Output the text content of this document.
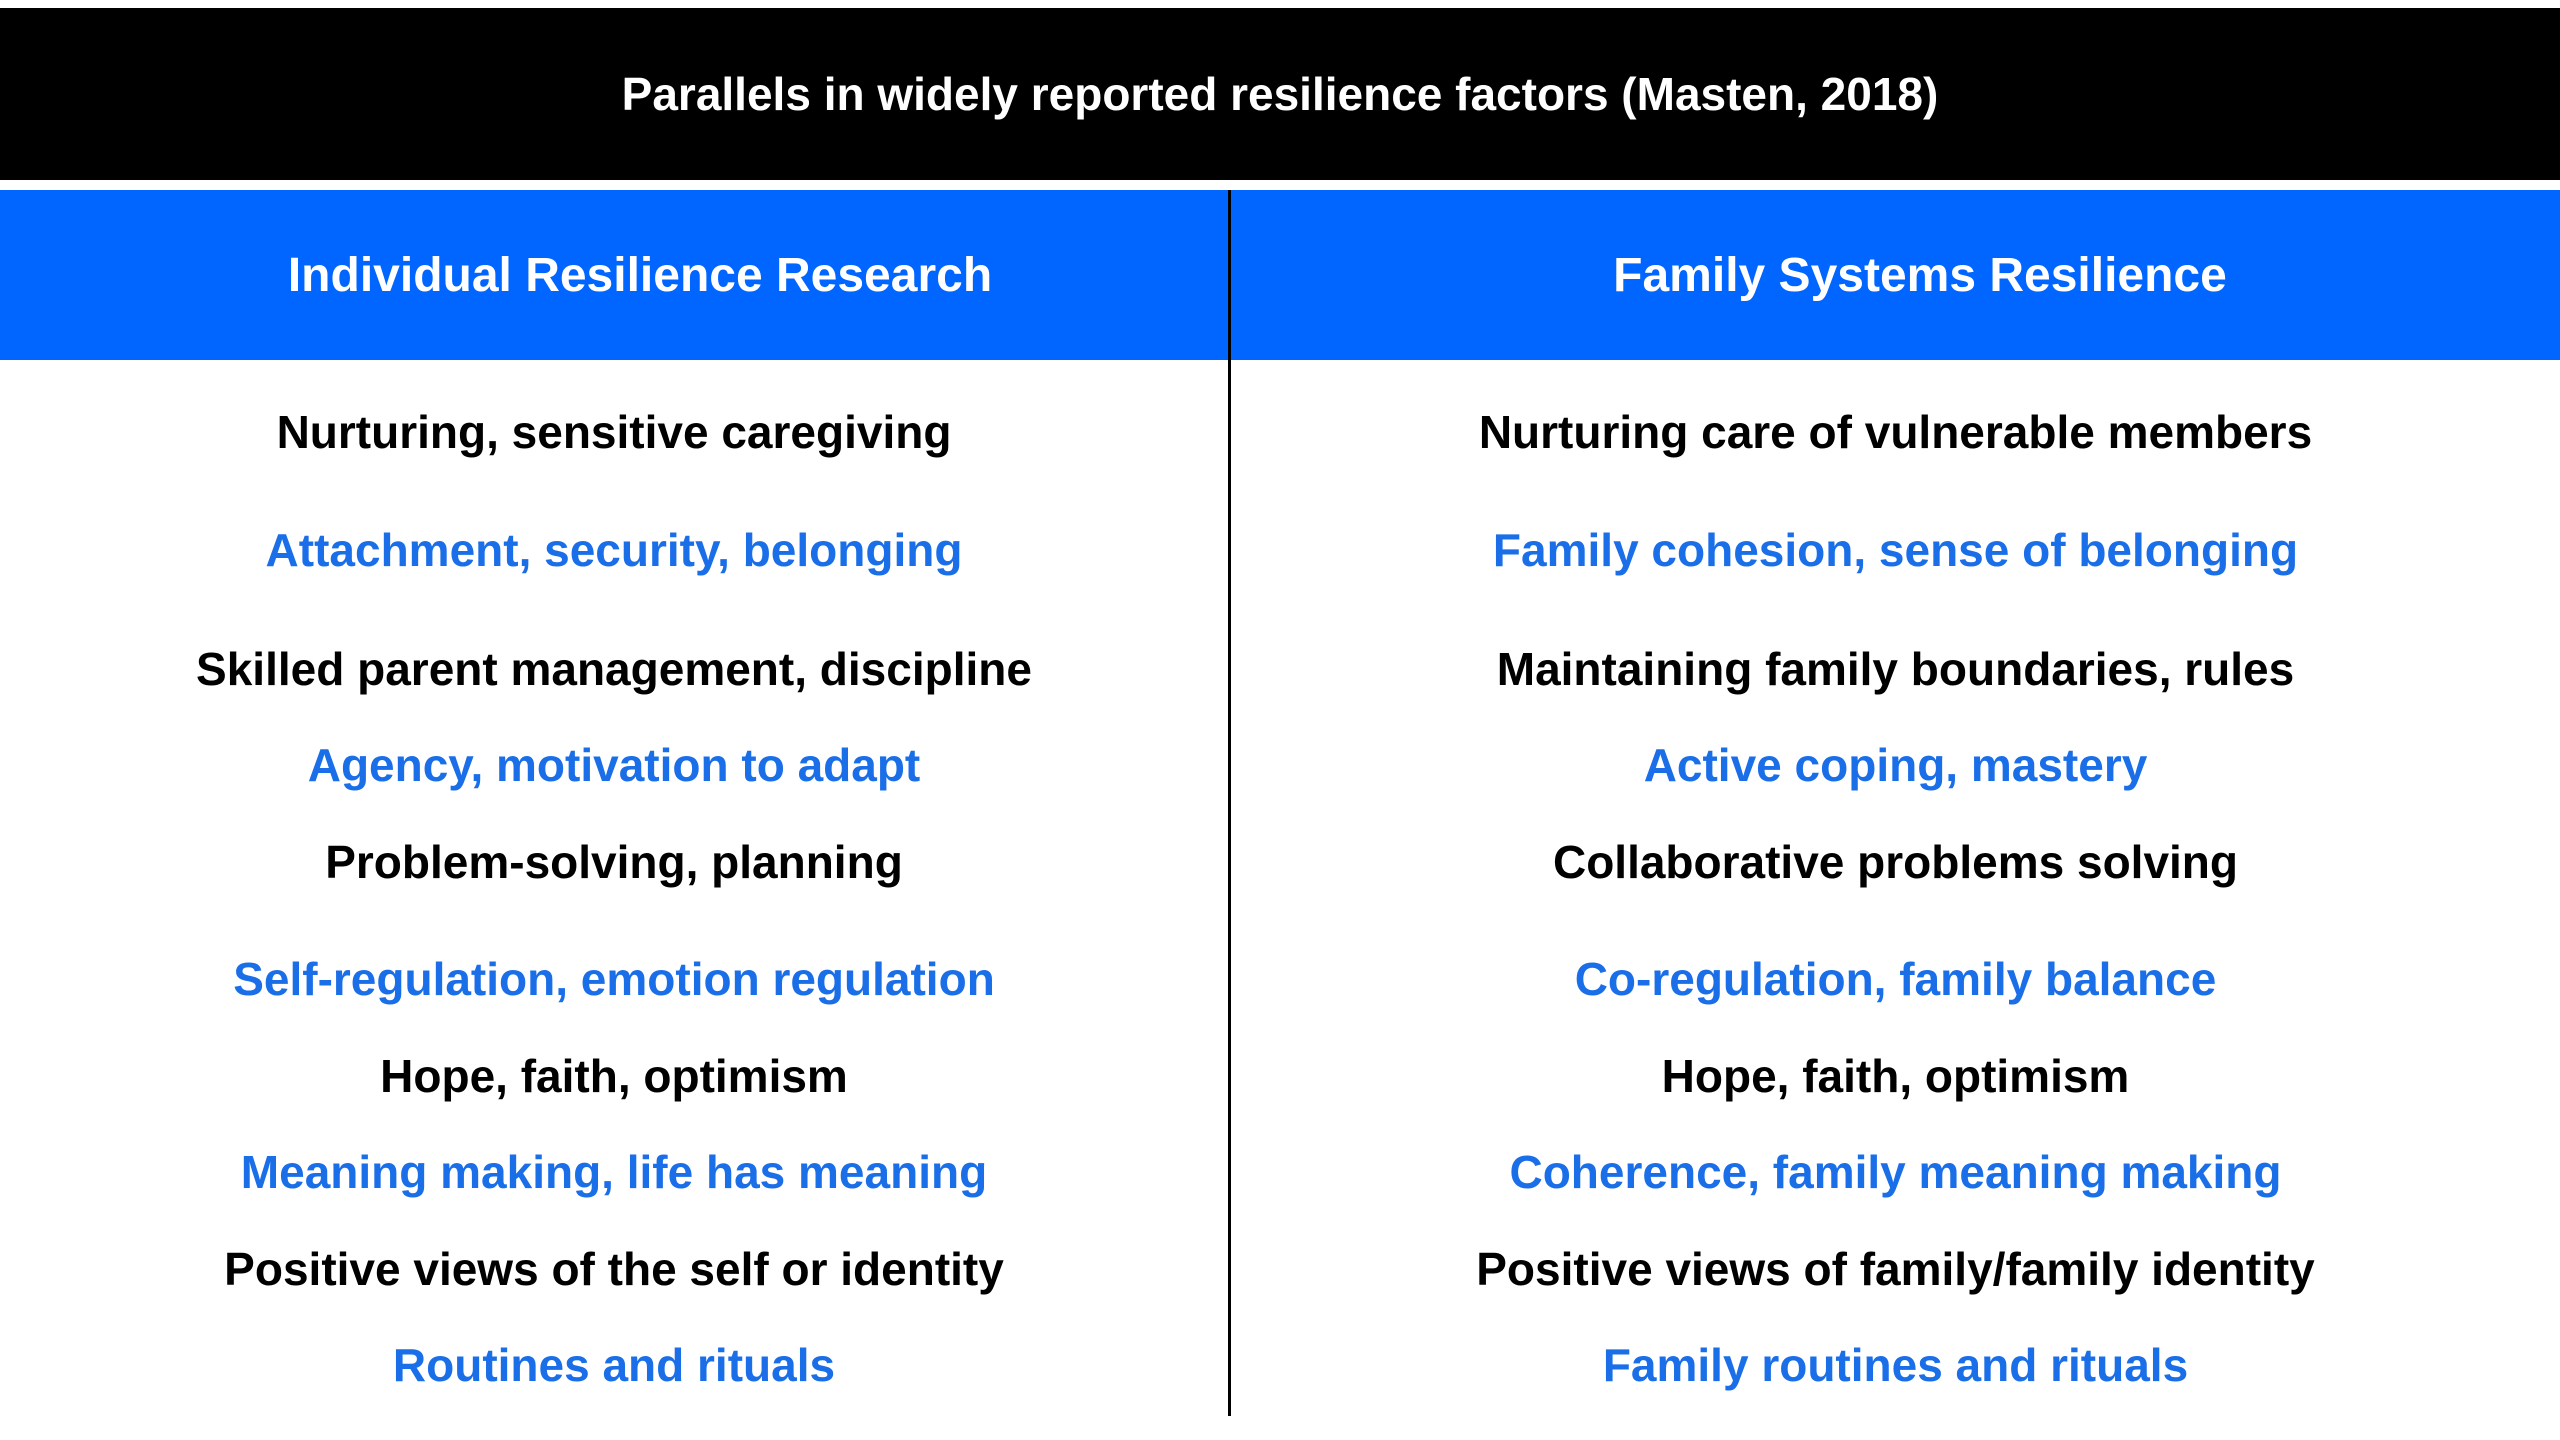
Parallels in widely reported resilience factors (Masten, 2018)
Individual Resilience Research	Family Systems Resilience
Nurturing, sensitive caregiving	Nurturing care of vulnerable members
Attachment, security, belonging	Family cohesion, sense of belonging
Skilled parent management, discipline	Maintaining family boundaries, rules
Agency, motivation to adapt	Active coping, mastery
Problem-solving, planning	Collaborative problems solving
Self-regulation, emotion regulation	Co-regulation, family balance
Hope, faith, optimism	Hope, faith, optimism
Meaning making, life has meaning	Coherence, family meaning making
Positive views of the self or identity	Positive views of family/family identity
Routines and rituals	Family routines and rituals
